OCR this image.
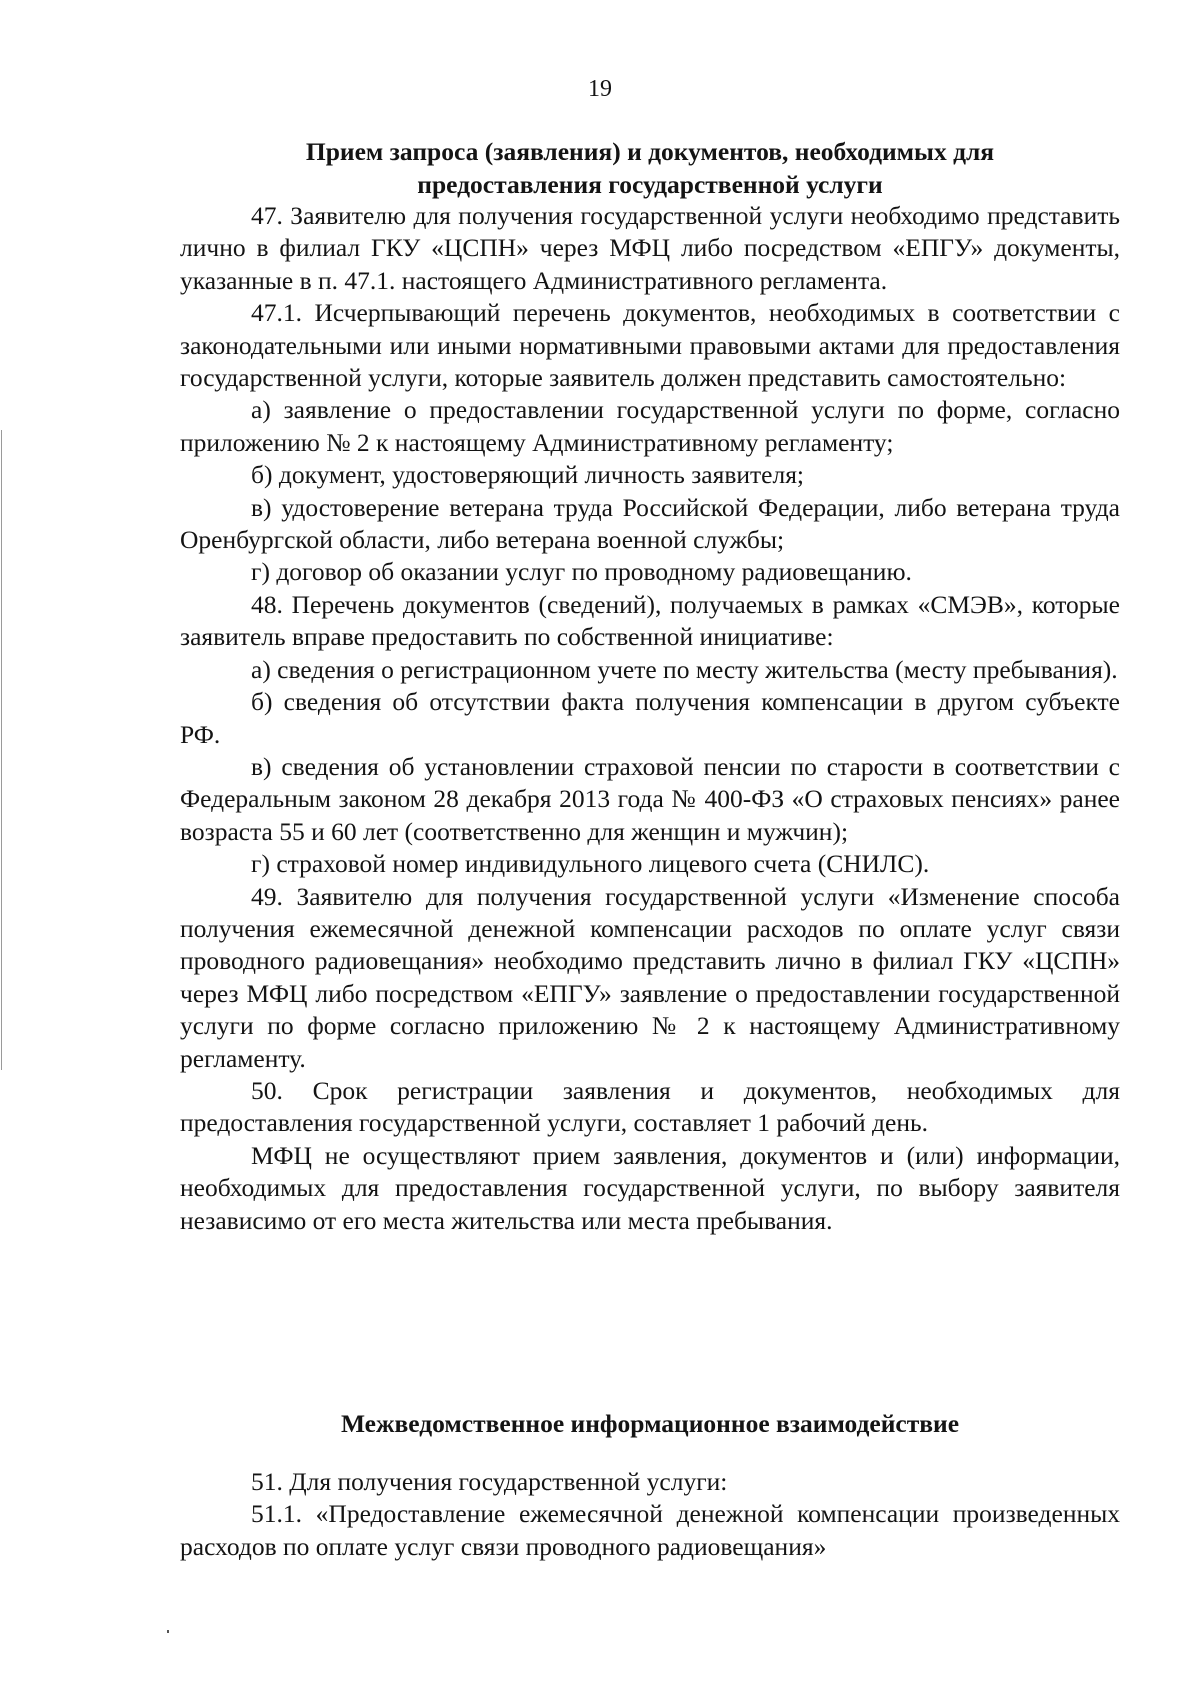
19
Прием запроса (заявления) и документов, необходимых для
предоставления государственной услуги

47. Заявителю для получения государственной услуги необходимо представить лично в филиал ГКУ «ЦСПН» через МФЦ либо посредством «ЕПГУ» документы, указанные в п. 47.1. настоящего Административного регламента.

47.1. Исчерпывающий перечень документов, необходимых в соответствии с законодательными или иными нормативными правовыми актами для предоставления государственной услуги, которые заявитель должен представить самостоятельно:

а) заявление о предоставлении государственной услуги по форме, согласно приложению № 2 к настоящему Административному регламенту;

б) документ, удостоверяющий личность заявителя;

в) удостоверение ветерана труда Российской Федерации, либо ветерана труда Оренбургской области, либо ветерана военной службы;

г) договор об оказании услуг по проводному радиовещанию.

48. Перечень документов (сведений), получаемых в рамках «СМЭВ», которые заявитель вправе предоставить по собственной инициативе:

а) сведения о регистрационном учете по месту жительства (месту пребывания).

б) сведения об отсутствии факта получения компенсации в другом субъекте РФ.

в) сведения об установлении страховой пенсии по старости в соответствии с Федеральным законом 28 декабря 2013 года № 400-ФЗ «О страховых пенсиях» ранее возраста 55 и 60 лет (соответственно для женщин и мужчин);

г) страховой номер индивидульного лицевого счета (СНИЛС).

49. Заявителю для получения государственной услуги «Изменение способа получения ежемесячной денежной компенсации расходов по оплате услуг связи проводного радиовещания» необходимо представить лично в филиал ГКУ «ЦСПН» через МФЦ либо посредством «ЕПГУ» заявление о предоставлении государственной услуги по форме согласно приложению № 2 к настоящему Административному регламенту.

50. Срок регистрации заявления и документов, необходимых для предоставления государственной услуги, составляет 1 рабочий день.

МФЦ не осуществляют прием заявления, документов и (или) информации, необходимых для предоставления государственной услуги, по выбору заявителя независимо от его места жительства или места пребывания.

Межведомственное информационное взаимодействие

51. Для получения государственной услуги:

51.1. «Предоставление ежемесячной денежной компенсации произведенных расходов по оплате услуг связи проводного радиовещания»
